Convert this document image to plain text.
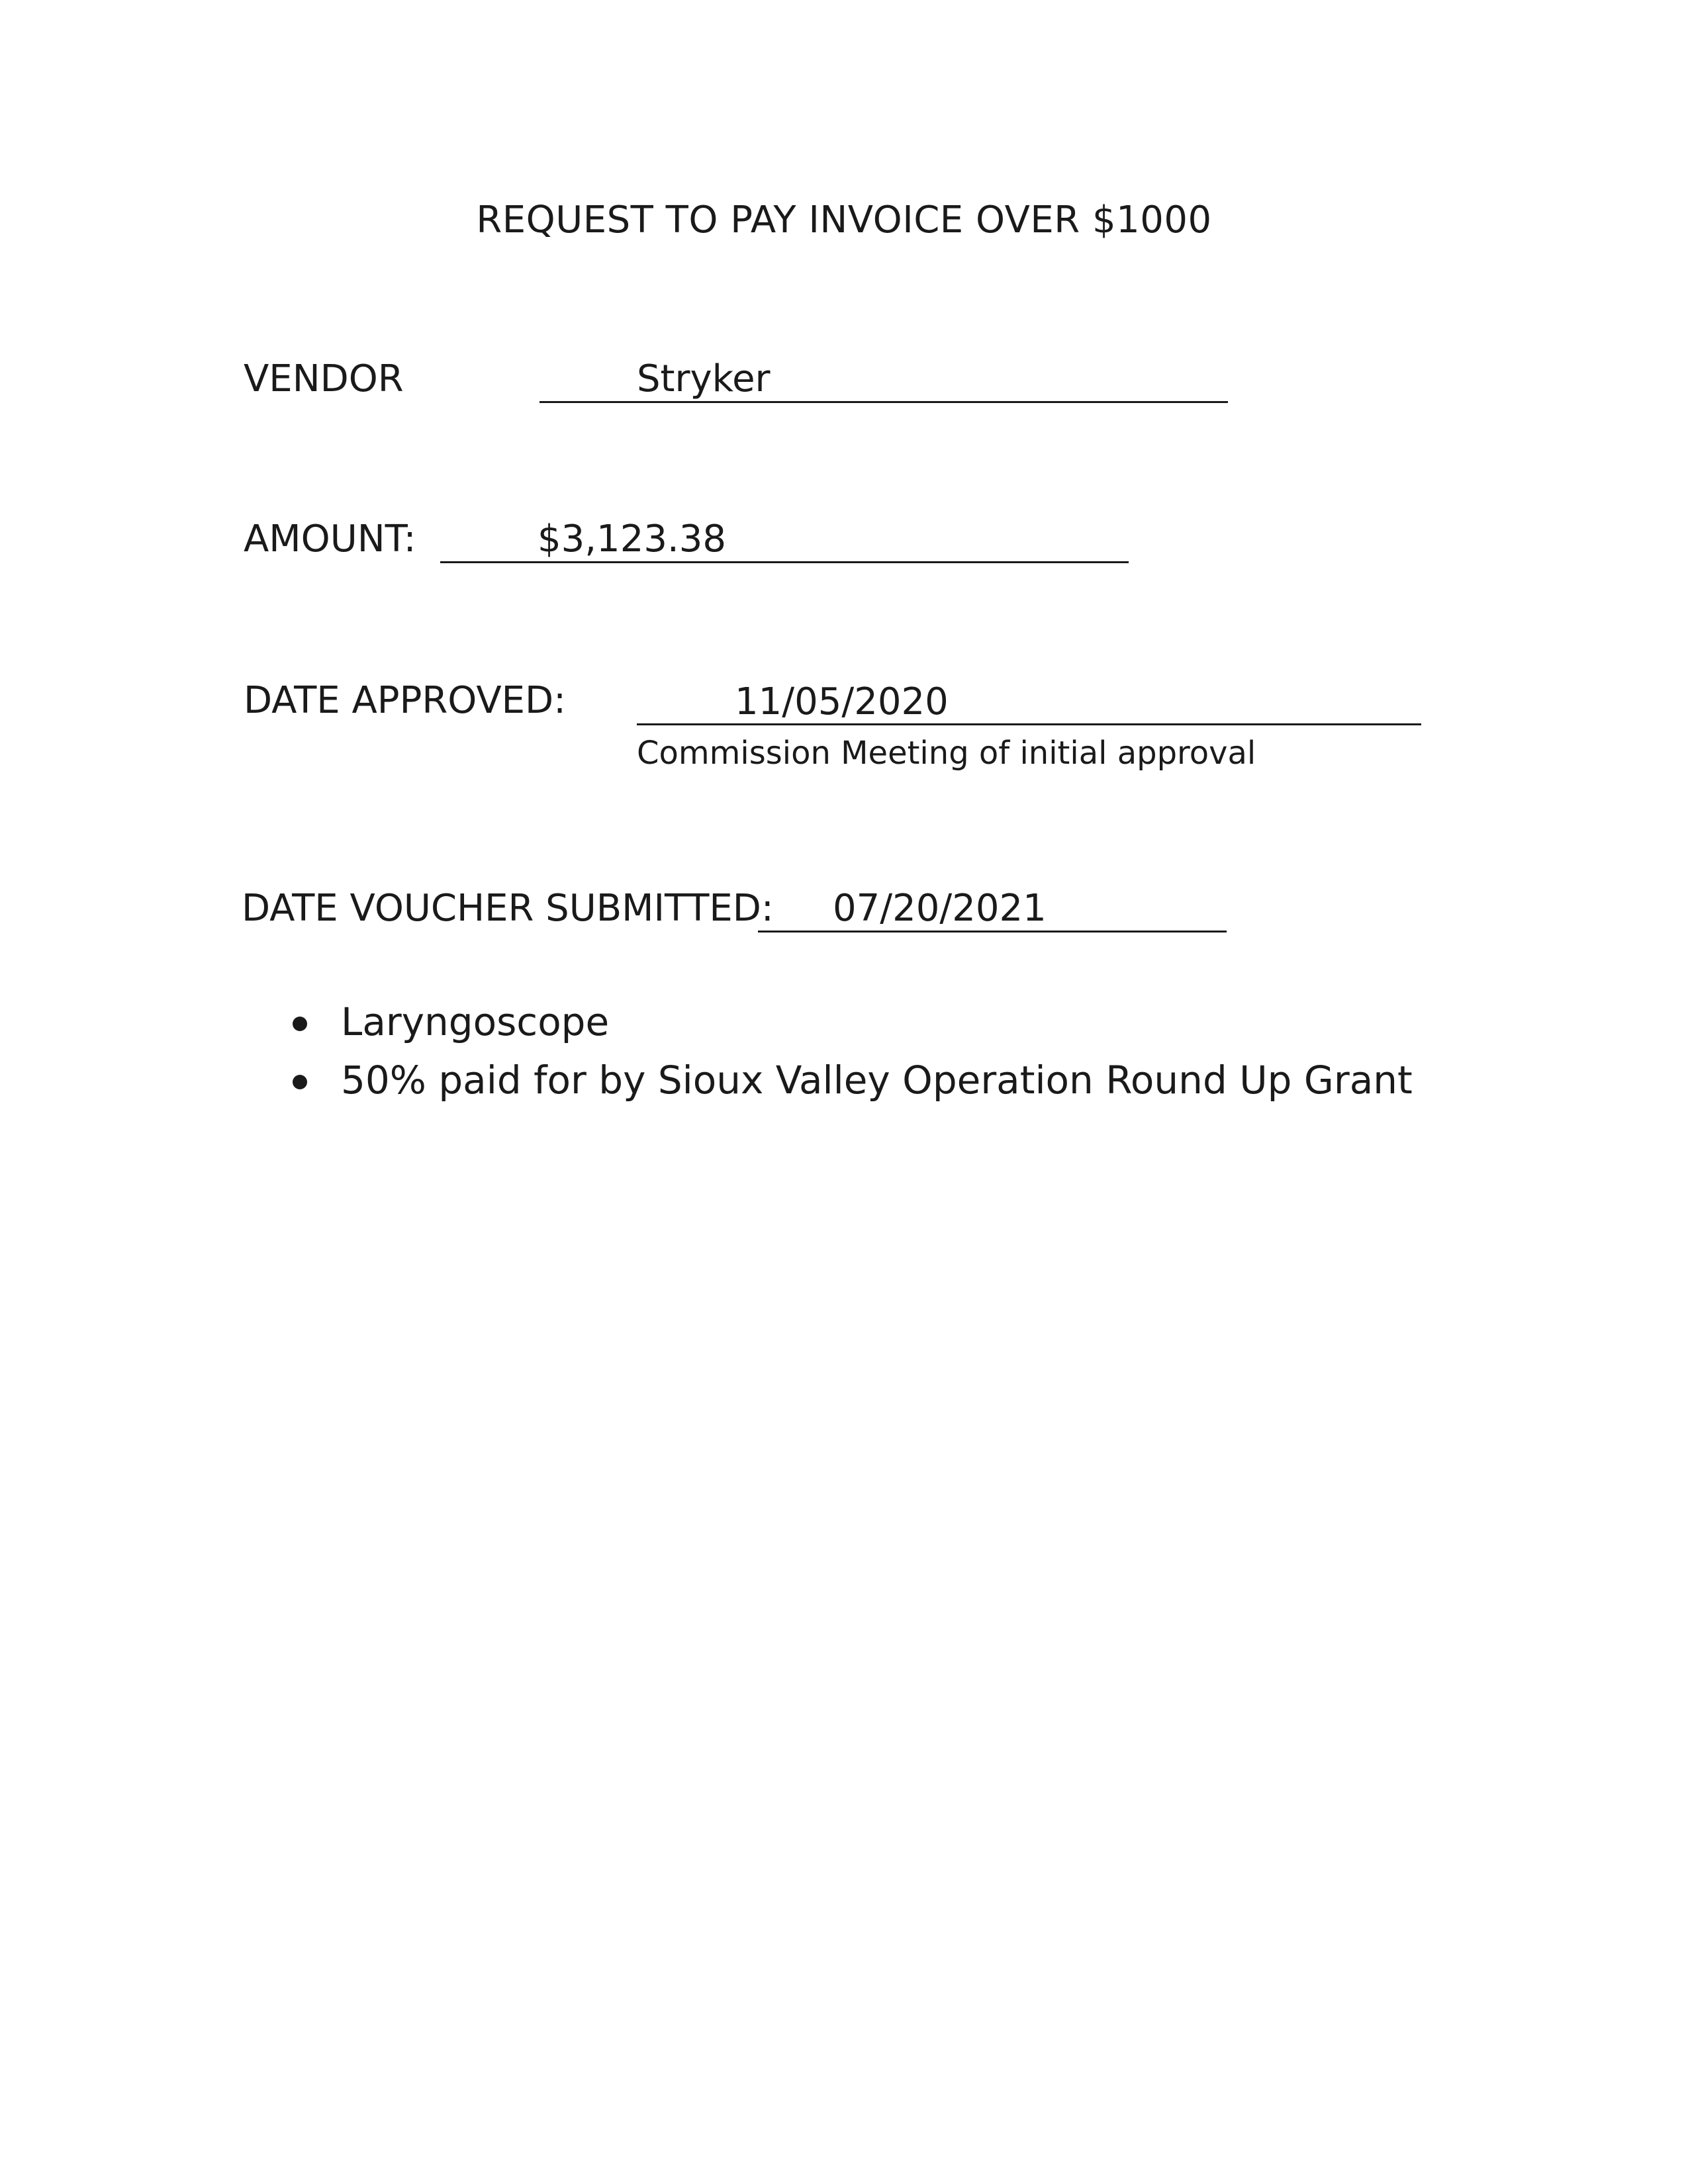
REQUEST TO PAY INVOICE OVER $1000
VENDOR	Stryker
AMOUNT:	$3,123.38
DATE APPROVED:	11/05/2020
Commission Meeting of initial approval
DATE VOUCHER SUBMITTED: 07/20/2021
Laryngoscope
50% paid for by Sioux Valley Operation Round Up Grant
